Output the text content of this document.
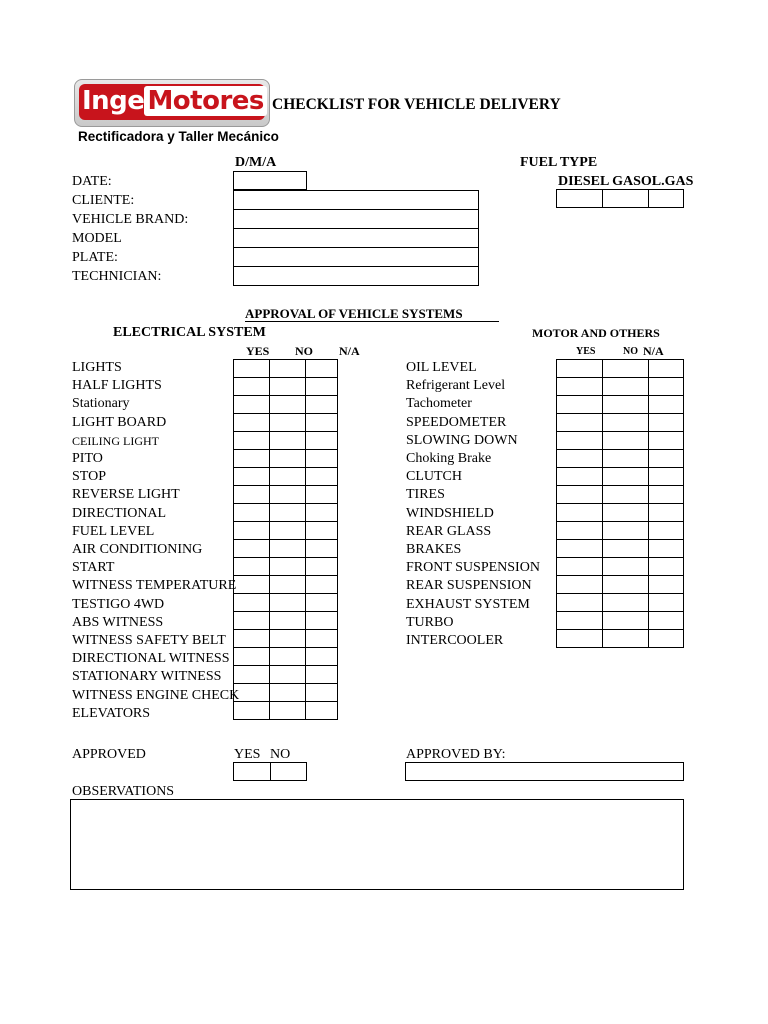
Inge Motores
Rectificadora y Taller Mecánico
CHECKLIST FOR VEHICLE DELIVERY
D/M/A
DATE:
CLIENTE:
VEHICLE BRAND:
MODEL
PLATE:
TECHNICIAN:
FUEL TYPE
DIESEL GASOL.GAS

APPROVAL OF VEHICLE SYSTEMS
ELECTRICAL SYSTEM
YES NO N/A
LIGHTS
HALF LIGHTS
Stationary
LIGHT BOARD
CEILING LIGHT
PITO
STOP
REVERSE LIGHT
DIRECTIONAL
FUEL LEVEL
AIR CONDITIONING
START
WITNESS TEMPERATURE
TESTIGO 4WD
ABS WITNESS
WITNESS SAFETY BELT
DIRECTIONAL WITNESS
STATIONARY WITNESS
WITNESS ENGINE CHECK
ELEVATORS

MOTOR AND OTHERS
YES	NO N/A
OIL LEVEL
Refrigerant Level
Tachometer
SPEEDOMETER
SLOWING DOWN
Choking Brake
CLUTCH
TIRES
WINDSHIELD
REAR GLASS
BRAKES
FRONT SUSPENSION
REAR SUSPENSION
EXHAUST SYSTEM
TURBO
INTERCOOLER

APPROVED	YES NO
		APPROVED BY:
OBSERVATIONS
